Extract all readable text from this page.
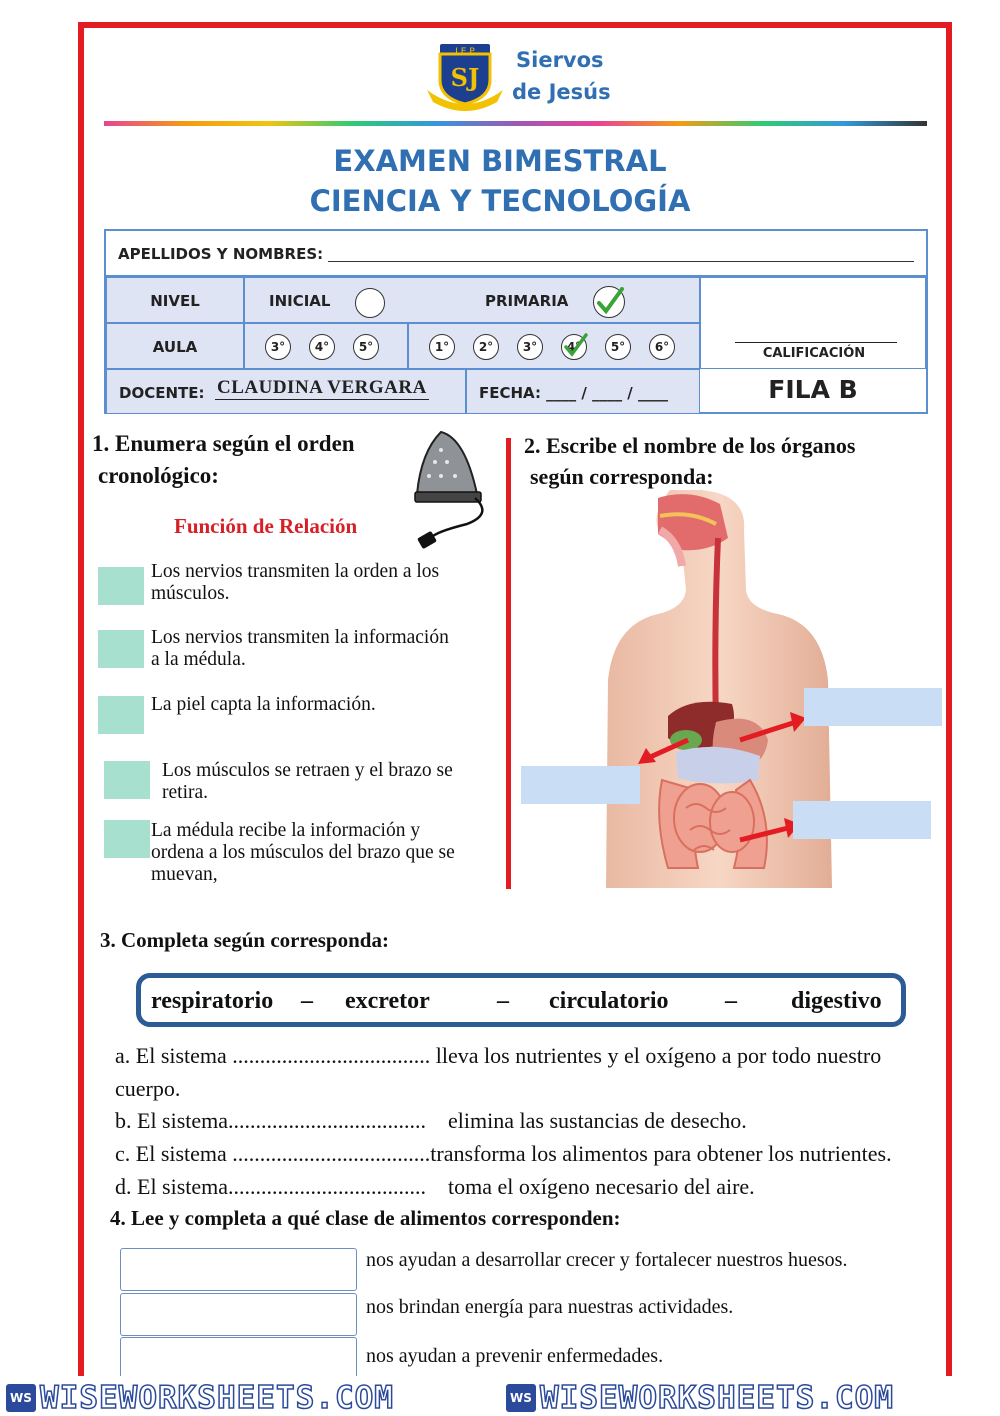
I.E.P
SJ
Siervos
de Jesús
EXAMEN BIMESTRAL
CIENCIA Y TECNOLOGÍA
APELLIDOS Y NOMBRES:
NIVEL	INICIAL	PRIMARIA
AULA	3°	4°	5°	1°	2°	3°	4°	5°	6°	CALIFICACIÓN
DOCENTE: CLAUDINA VERGARA	FECHA: ____ / ____ / ____	FILA B
1. Enumera según el orden
cronológico:
Función de Relación
Los nervios transmiten la orden a los
músculos.
Los nervios transmiten la información
a la médula.
La piel capta la información.
Los músculos se retraen y el brazo se
retira.
La médula recibe la información y
ordena a los músculos del brazo que se
muevan,
2. Escribe el nombre de los órganos
según corresponda:
3. Completa según corresponda:
respiratorio – excretor	– circulatorio – digestivo
a. El sistema .................................... lleva los nutrientes y el oxígeno a por todo nuestro
cuerpo.
b. El sistema....................................    elimina las sustancias de desecho.
c. El sistema ....................................transforma los alimentos para obtener los nutrientes.
d. El sistema....................................    toma el oxígeno necesario del aire.
4. Lee y completa a qué clase de alimentos corresponden:
nos ayudan a desarrollar crecer y fortalecer nuestros huesos.
nos brindan energía para nuestras actividades.
nos ayudan a prevenir enfermedades.
WS WISEWORKSHEETS.COM	WS WISEWORKSHEETS.COM
